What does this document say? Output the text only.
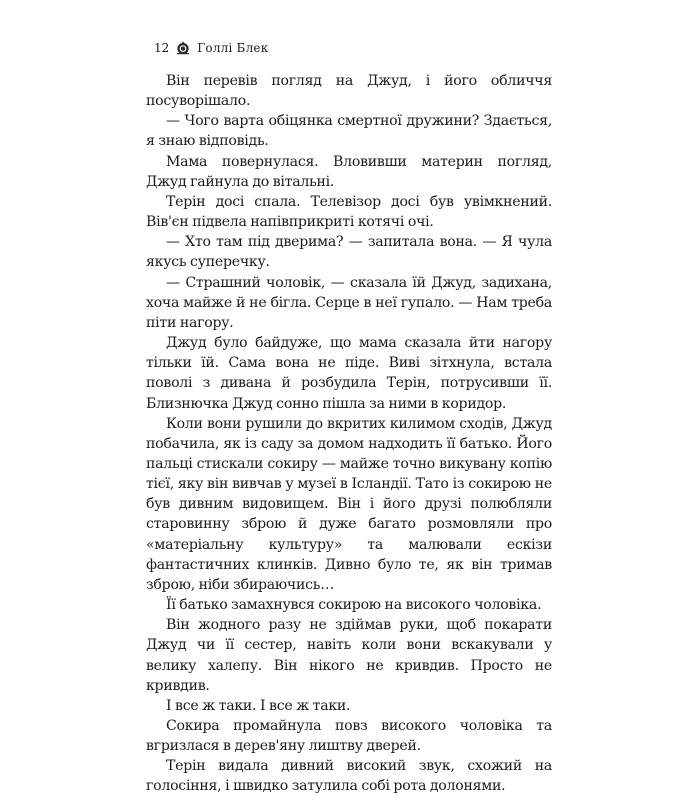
12 Голлі Блек

Він перевів погляд на Джуд, і його обличчя посуворішало.

— Чого варта обіцянка смертної дружини? Здається, я знаю відповідь.

Мама повернулася. Вловивши материн погляд, Джуд гайнула до вітальні.

Терін досі спала. Телевізор досі був увімкнений. Вів'єн підвела напівприкриті котячі очі.

— Хто там під дверима? — запитала вона. — Я чула якусь суперечку.

— Страшний чоловік, — сказала їй Джуд, задихана, хоча майже й не бігла. Серце в неї гупало. — Нам треба піти нагору.

Джуд було байдуже, що мама сказала йти нагору тільки їй. Сама вона не піде. Виві зітхнула, встала поволі з дивана й розбудила Терін, потрусивши її. Близнючка Джуд сонно пішла за ними в коридор.

Коли вони рушили до вкритих килимом сходів, Джуд побачила, як із саду за домом надходить її батько. Його пальці стискали сокиру — майже точно викувану копію тієї, яку він вивчав у музеї в Ісландії. Тато із сокирою не був дивним видовищем. Він і його друзі полюбляли старовинну зброю й дуже багато розмовляли про «матеріальну культуру» та малювали ескізи фантастичних клинків. Дивно було те, як він тримав зброю, ніби збираючись…

Її батько замахнувся сокирою на високого чоловіка.

Він жодного разу не здіймав руки, щоб покарати Джуд чи її сестер, навіть коли вони вскакували у велику халепу. Він нікого не кривдив. Просто не кривдив.

І все ж таки. І все ж таки.

Сокира промайнула повз високого чоловіка та вгризлася в дерев'яну лиштву дверей.

Терін видала дивний високий звук, схожий на голосіння, і швидко затулила собі рота долонями.
